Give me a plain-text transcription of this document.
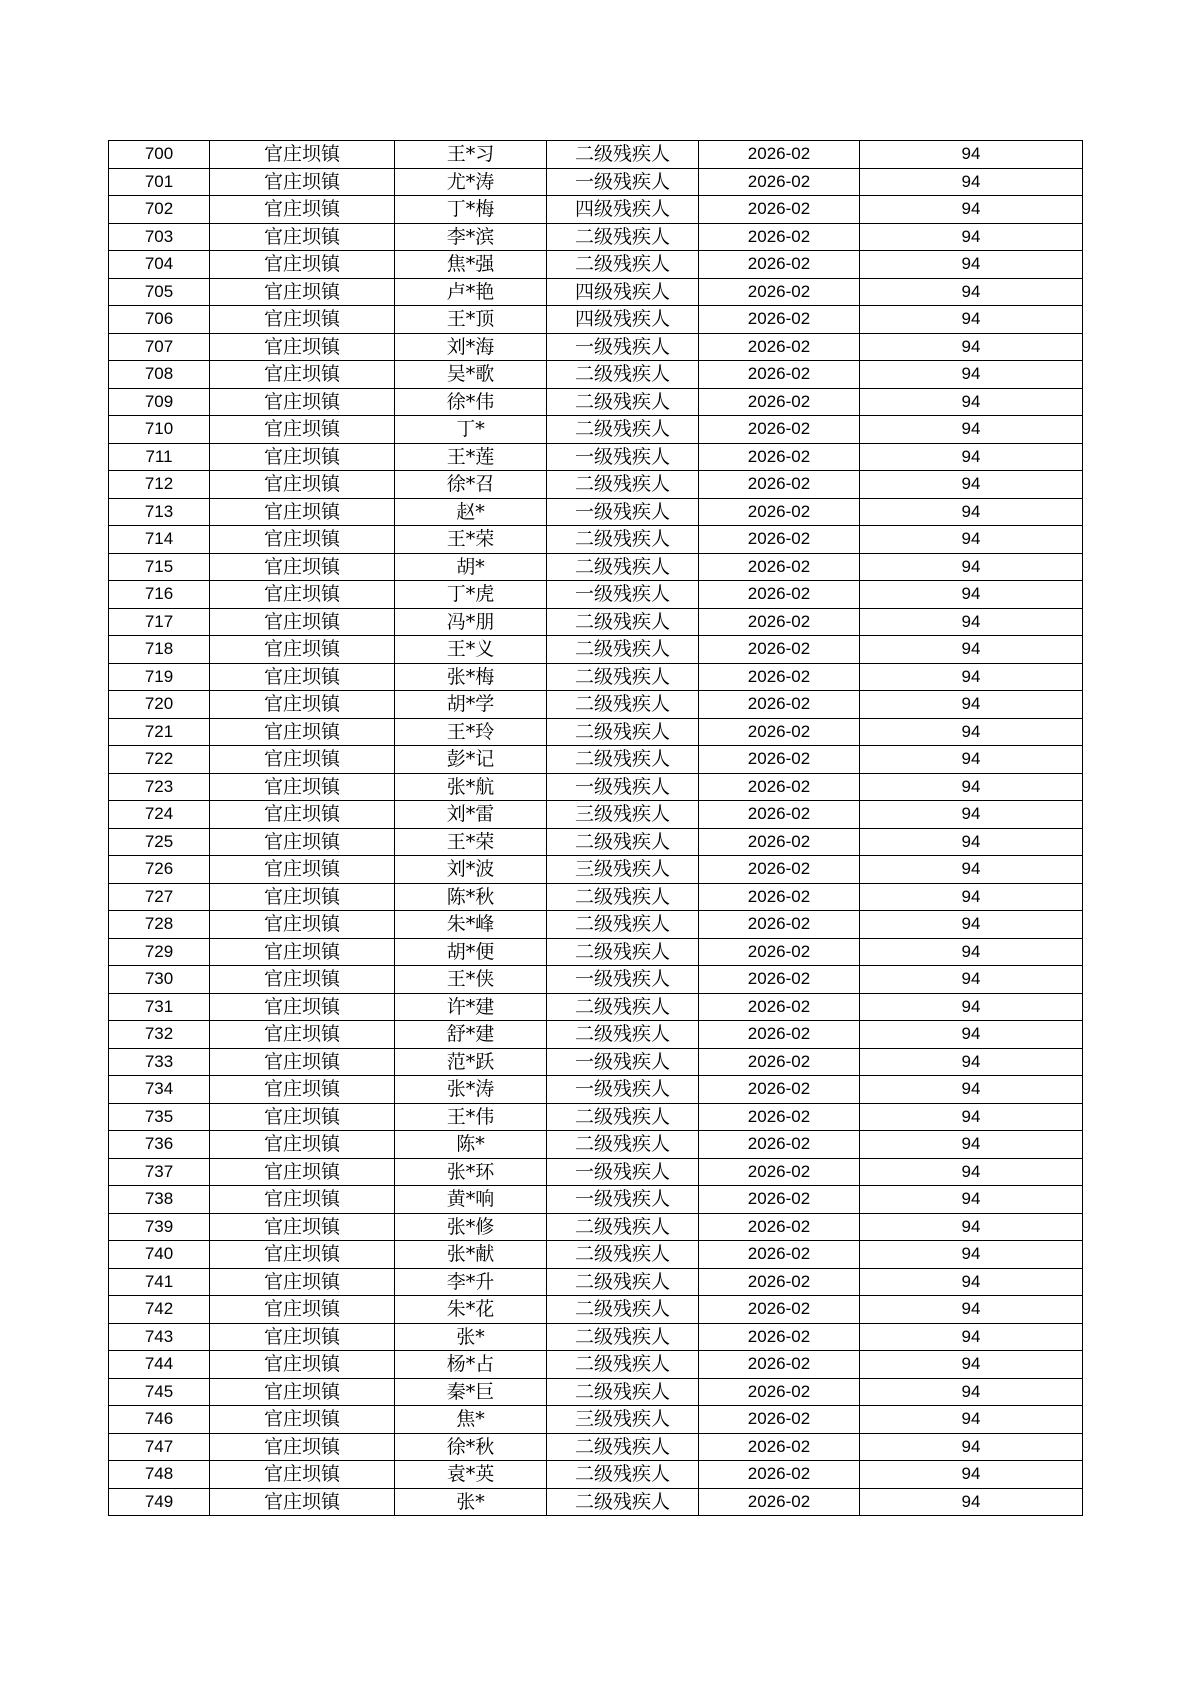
700	官庄坝镇	王*习	二级残疾人	2026-02	94
701	官庄坝镇	尤*涛	一级残疾人	2026-02	94
702	官庄坝镇	丁*梅	四级残疾人	2026-02	94
703	官庄坝镇	李*滨	二级残疾人	2026-02	94
704	官庄坝镇	焦*强	二级残疾人	2026-02	94
705	官庄坝镇	卢*艳	四级残疾人	2026-02	94
706	官庄坝镇	王*顶	四级残疾人	2026-02	94
707	官庄坝镇	刘*海	一级残疾人	2026-02	94
708	官庄坝镇	吴*歌	二级残疾人	2026-02	94
709	官庄坝镇	徐*伟	二级残疾人	2026-02	94
710	官庄坝镇	丁*	二级残疾人	2026-02	94
711	官庄坝镇	王*莲	一级残疾人	2026-02	94
712	官庄坝镇	徐*召	二级残疾人	2026-02	94
713	官庄坝镇	赵*	一级残疾人	2026-02	94
714	官庄坝镇	王*荣	二级残疾人	2026-02	94
715	官庄坝镇	胡*	二级残疾人	2026-02	94
716	官庄坝镇	丁*虎	一级残疾人	2026-02	94
717	官庄坝镇	冯*朋	二级残疾人	2026-02	94
718	官庄坝镇	王*义	二级残疾人	2026-02	94
719	官庄坝镇	张*梅	二级残疾人	2026-02	94
720	官庄坝镇	胡*学	二级残疾人	2026-02	94
721	官庄坝镇	王*玲	二级残疾人	2026-02	94
722	官庄坝镇	彭*记	二级残疾人	2026-02	94
723	官庄坝镇	张*航	一级残疾人	2026-02	94
724	官庄坝镇	刘*雷	三级残疾人	2026-02	94
725	官庄坝镇	王*荣	二级残疾人	2026-02	94
726	官庄坝镇	刘*波	三级残疾人	2026-02	94
727	官庄坝镇	陈*秋	二级残疾人	2026-02	94
728	官庄坝镇	朱*峰	二级残疾人	2026-02	94
729	官庄坝镇	胡*便	二级残疾人	2026-02	94
730	官庄坝镇	王*侠	一级残疾人	2026-02	94
731	官庄坝镇	许*建	二级残疾人	2026-02	94
732	官庄坝镇	舒*建	二级残疾人	2026-02	94
733	官庄坝镇	范*跃	一级残疾人	2026-02	94
734	官庄坝镇	张*涛	一级残疾人	2026-02	94
735	官庄坝镇	王*伟	二级残疾人	2026-02	94
736	官庄坝镇	陈*	二级残疾人	2026-02	94
737	官庄坝镇	张*环	一级残疾人	2026-02	94
738	官庄坝镇	黄*响	一级残疾人	2026-02	94
739	官庄坝镇	张*修	二级残疾人	2026-02	94
740	官庄坝镇	张*献	二级残疾人	2026-02	94
741	官庄坝镇	李*升	二级残疾人	2026-02	94
742	官庄坝镇	朱*花	二级残疾人	2026-02	94
743	官庄坝镇	张*	二级残疾人	2026-02	94
744	官庄坝镇	杨*占	二级残疾人	2026-02	94
745	官庄坝镇	秦*巨	二级残疾人	2026-02	94
746	官庄坝镇	焦*	三级残疾人	2026-02	94
747	官庄坝镇	徐*秋	二级残疾人	2026-02	94
748	官庄坝镇	袁*英	二级残疾人	2026-02	94
749	官庄坝镇	张*	二级残疾人	2026-02	94
